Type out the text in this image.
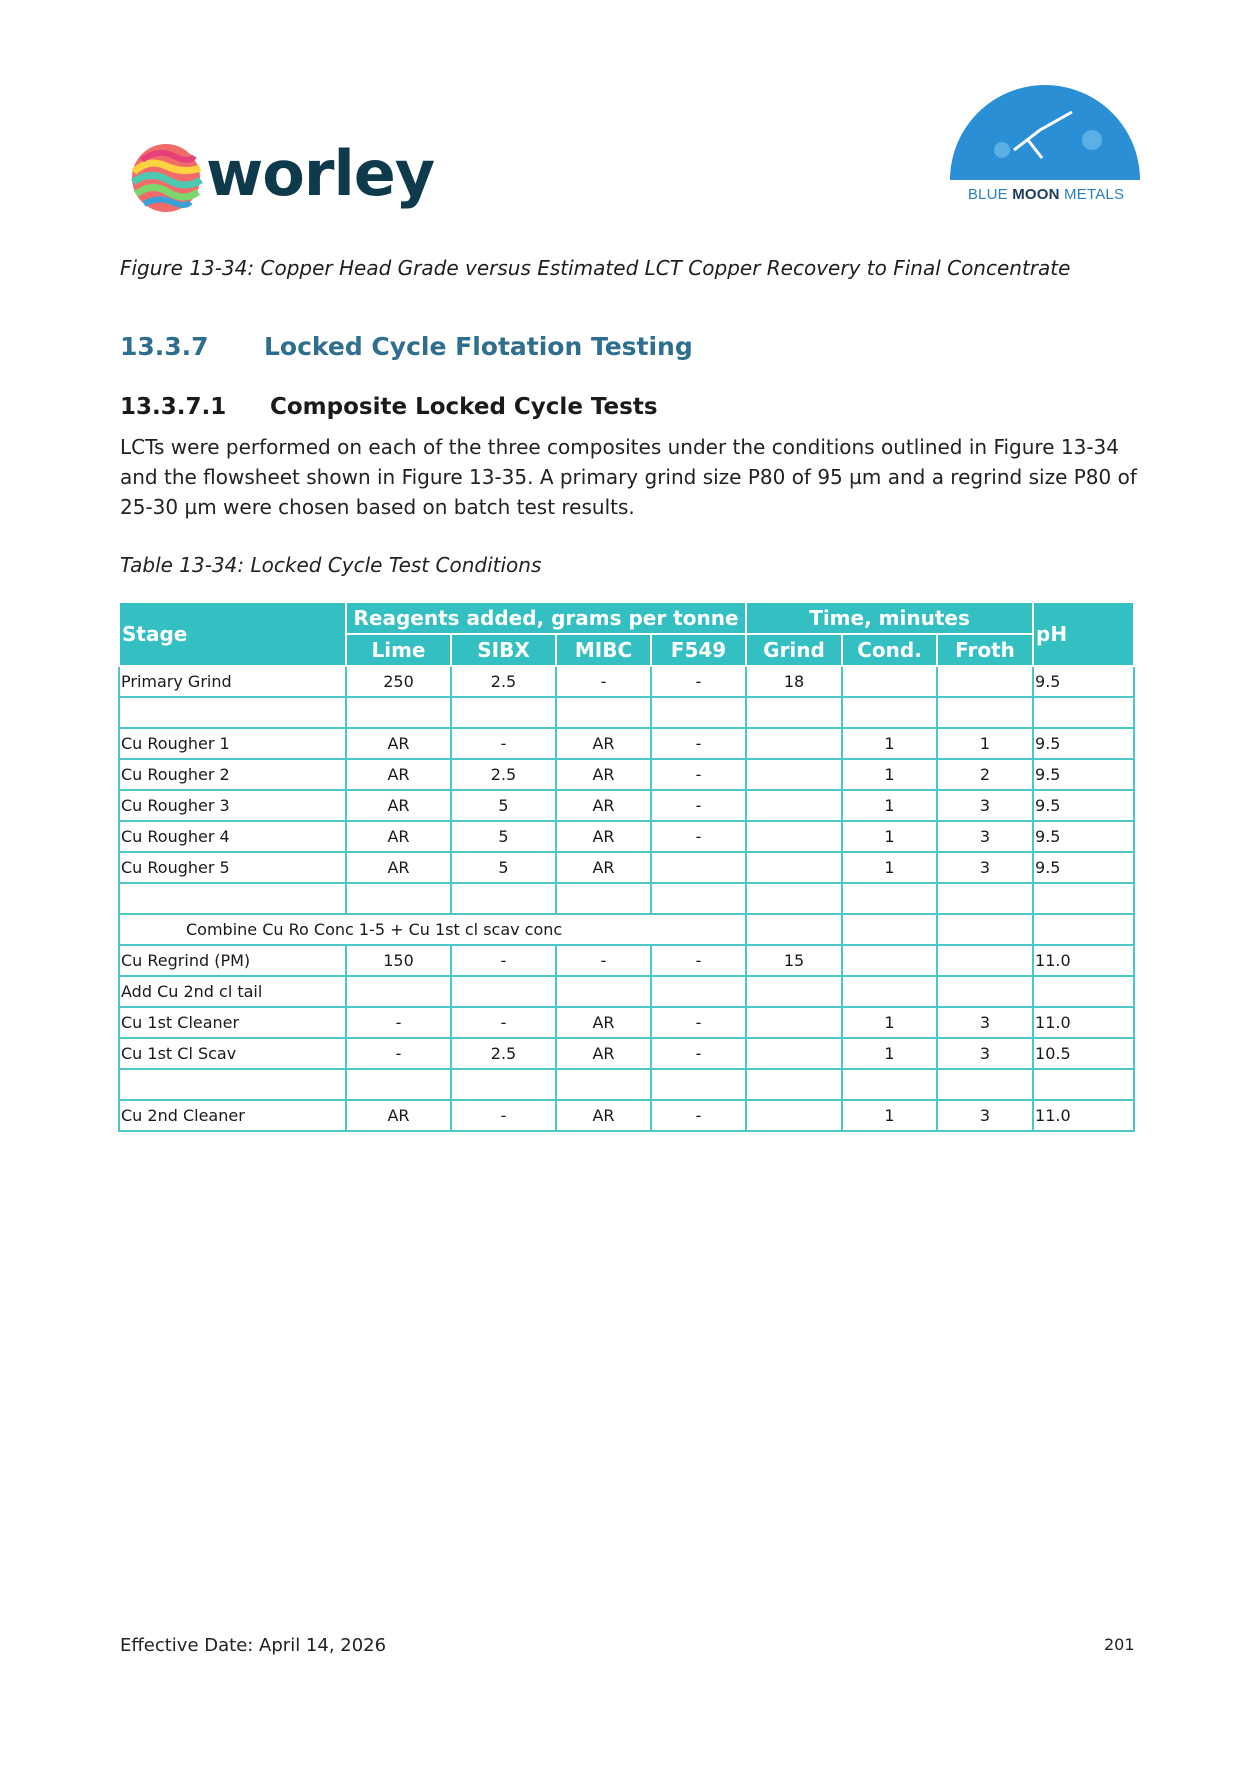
worley	BLUE MOON METALS
Figure 13-34: Copper Head Grade versus Estimated LCT Copper Recovery to Final Concentrate
13.3.7 Locked Cycle Flotation Testing
13.3.7.1 Composite Locked Cycle Tests
LCTs were performed on each of the three composites under the conditions outlined in Figure 13-34 and the flowsheet shown in Figure 13-35. A primary grind size P80 of 95 µm and a regrind size P80 of 25-30 µm were chosen based on batch test results.
Table 13-34: Locked Cycle Test Conditions
Stage	Reagents added, grams per tonne				Time, minutes			pH
	Lime	SIBX	MIBC	F549	Grind	Cond.	Froth	
Primary Grind	250	2.5	-	-	18			9.5

Cu Rougher 1	AR	-	AR	-		1	1	9.5
Cu Rougher 2	AR	2.5	AR	-		1	2	9.5
Cu Rougher 3	AR	5	AR	-		1	3	9.5
Cu Rougher 4	AR	5	AR	-		1	3	9.5
Cu Rougher 5	AR	5	AR			1	3	9.5

Combine Cu Ro Conc 1-5 + Cu 1st cl scav conc								
Cu Regrind (PM)	150	-	-	-	15			11.0
Add Cu 2nd cl tail								
Cu 1st Cleaner	-	-	AR	-		1	3	11.0
Cu 1st Cl Scav	-	2.5	AR	-		1	3	10.5

Cu 2nd Cleaner	AR	-	AR	-		1	3	11.0
Effective Date: April 14, 2026	201
